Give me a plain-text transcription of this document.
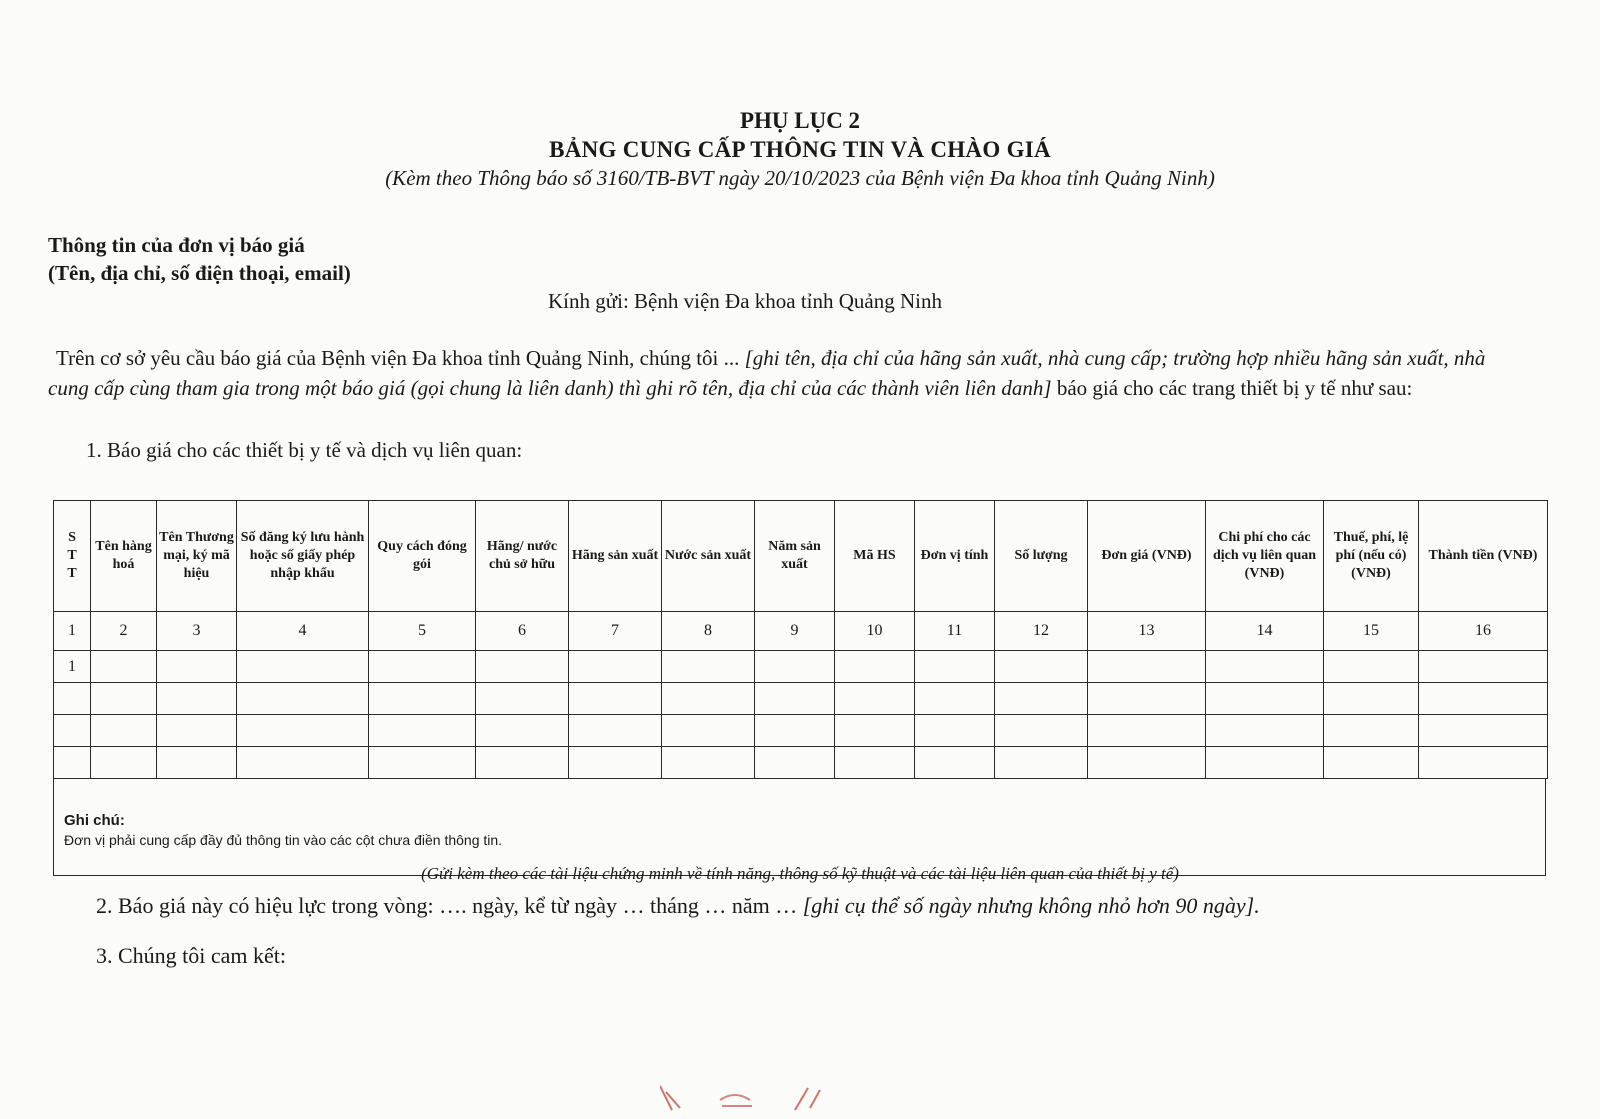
PHỤ LỤC 2
BẢNG CUNG CẤP THÔNG TIN VÀ CHÀO GIÁ
(Kèm theo Thông báo số 3160/TB-BVT ngày 20/10/2023 của Bệnh viện Đa khoa tỉnh Quảng Ninh)
Thông tin của đơn vị báo giá
(Tên, địa chỉ, số điện thoại, email)
Kính gửi: Bệnh viện Đa khoa tỉnh Quảng Ninh
Trên cơ sở yêu cầu báo giá của Bệnh viện Đa khoa tỉnh Quảng Ninh, chúng tôi ... [ghi tên, địa chỉ của hãng sản xuất, nhà cung cấp; trường hợp nhiều hãng sản xuất, nhà cung cấp cùng tham gia trong một báo giá (gọi chung là liên danh) thì ghi rõ tên, địa chỉ của các thành viên liên danh] báo giá cho các trang thiết bị y tế như sau:
1. Báo giá cho các thiết bị y tế và dịch vụ liên quan:
S T T	Tên hàng hoá	Tên Thương mại, ký mã hiệu	Số đăng ký lưu hành hoặc số giấy phép nhập khẩu	Quy cách đóng gói	Hãng/ nước chủ sở hữu	Hãng sản xuất	Nước sản xuất	Năm sản xuất	Mã HS	Đơn vị tính	Số lượng	Đơn giá (VNĐ)	Chi phí cho các dịch vụ liên quan (VNĐ)	Thuế, phí, lệ phí (nếu có) (VNĐ)	Thành tiền (VNĐ)
1	2	3	4	5	6	7	8	9	10	11	12	13	14	15	16
1															

Ghi chú:
Đơn vị phải cung cấp đầy đủ thông tin vào các cột chưa điền thông tin.
(Gửi kèm theo các tài liệu chứng minh về tính năng, thông số kỹ thuật và các tài liệu liên quan của thiết bị y tế)
2. Báo giá này có hiệu lực trong vòng: …. ngày, kể từ ngày … tháng … năm … [ghi cụ thể số ngày nhưng không nhỏ hơn 90 ngày].
3. Chúng tôi cam kết:
